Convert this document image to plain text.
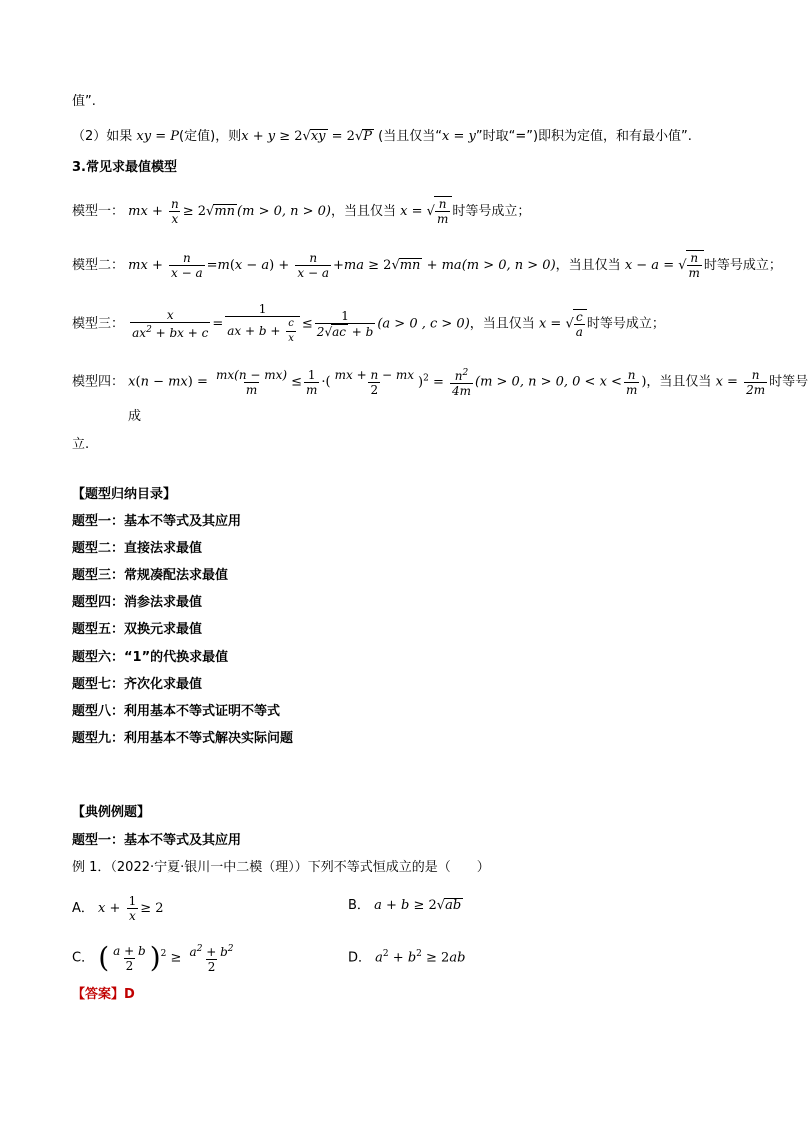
值”.
（2）如果 xy = P(定值)，则x + y ≥ 2√xy = 2√P (当且仅当“x = y”时取“=”)即积为定值，和有最小值”.
3.常见求最值模型
模型一： mx + $\frac{n}{x} \ge 2√mn$ (m > 0, n > 0)，当且仅当 x = √ $\frac{n}{m}$ 时等号成立；
模型二： mx + $\frac{n}{x - a} =m(x - a) + \frac{n}{x - a} +ma \ge 2√mn + ma(m > 0$, n > 0)，当且仅当 x − a = √ $\frac{n}{m}$ 时等号成立；
模型三： $\frac{x}{ax^2 + bx + c} = \frac{1}{ax + b + \frac{c}{x}} \le \frac{1}{2√ac + b} (a > 0$ , c > 0)，当且仅当 x = √ $\frac{c}{a}$ 时等号成立；
模型四： $x(n - mx) = \frac{mx(n - mx)}{m} \le \frac{1}{m}$ ·( $\frac{mx + n - mx}{2} )^2 = \frac{n^2}{4m} (m > 0$, n > 0, $0 < x < \frac{n}{m}$ )，当且仅当 $x = \frac{n}{2m}$ 时等号
成
立.
【题型归纳目录】
题型一：基本不等式及其应用
题型二：直接法求最值
题型三：常规凑配法求最值
题型四：消参法求最值
题型五：双换元求最值
题型六：“1”的代换求最值
题型七：齐次化求最值
题型八：利用基本不等式证明不等式
题型九：利用基本不等式解决实际问题
【典例例题】
题型一：基本不等式及其应用
例 1．（2022·宁夏·银川一中二模（理））下列不等式恒成立的是（　　）
A． $x + \frac{1}{x} \ge 2$	B． a + b ≥ 2√ab
C． ( $\frac{a + b}{2} )^2 \ge \frac{a^2 + b^2}{2}$	D． $a^2 + b^2 \ge 2ab$
【答案】D
